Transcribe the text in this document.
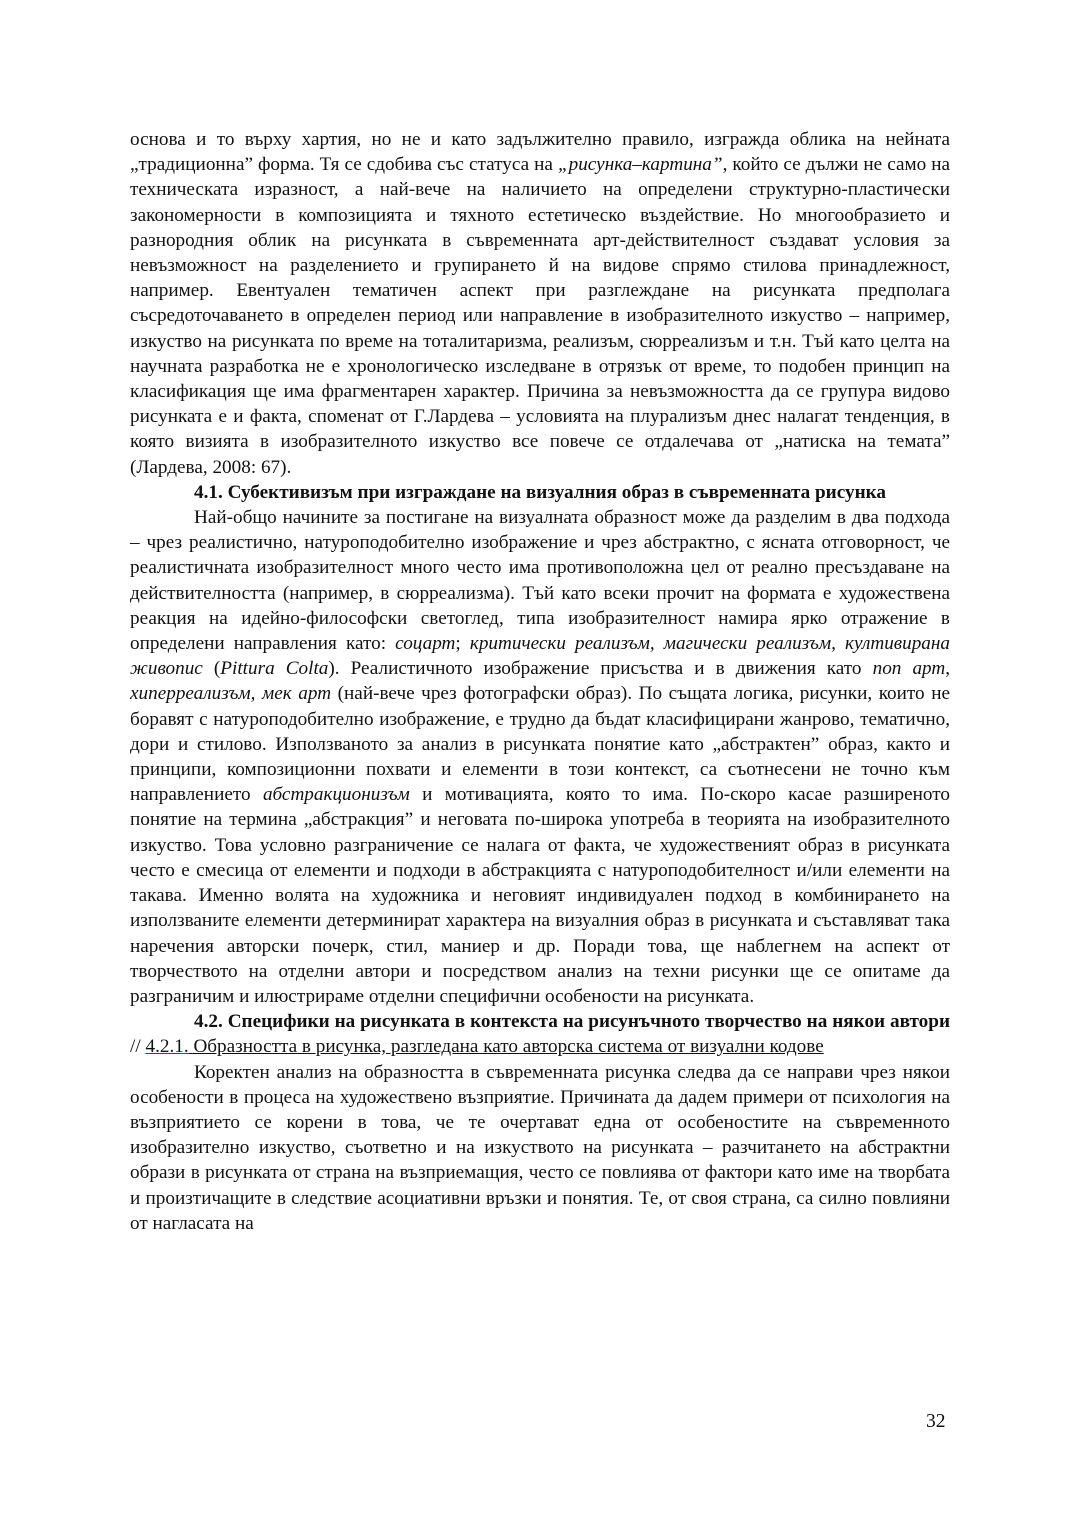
основа и то върху хартия, но не и като задължително правило, изгражда облика на нейната „традиционна” форма. Тя се сдобива със статуса на „рисунка–картина”, който се дължи не само на техническата изразност, а най-вече на наличието на определени структурно-пластически закономерности в композицията и тяхното естетическо въздействие. Но многообразието и разнородния облик на рисунката в съвременната арт-действителност създават условия за невъзможност на разделението и групирането й на видове спрямо стилова принадлежност, например. Евентуален тематичен аспект при разглеждане на рисунката предполага съсредоточаването в определен период или направление в изобразителното изкуство – например, изкуство на рисунката по време на тоталитаризма, реализъм, сюрреализъм и т.н. Тъй като целта на научната разработка не е хронологическо изследване в отрязък от време, то подобен принцип на класификация ще има фрагментарен характер. Причина за невъзможността да се групура видово рисунката е и факта, споменат от Г.Лардева – условията на плурализъм днес налагат тенденция, в която визията в изобразителното изкуство все повече се отдалечава от „натиска на темата” (Лардева, 2008: 67).

4.1. Субективизъм при изграждане на визуалния образ в съвременната рисунка

Най-общо начините за постигане на визуалната образност може да разделим в два подхода – чрез реалистично, натуроподобително изображение и чрез абстрактно, с ясната отговорност, че реалистичната изобразителност много често има противоположна цел от реално пресъздаване на действителността (например, в сюрреализма). Тъй като всеки прочит на формата е художествена реакция на идейно-философски светоглед, типа изобразителност намира ярко отражение в определени направления като: соцарт; критически реализъм, магически реализъм, култивирана живопис (Pittura Colta). Реалистичното изображение присъства и в движения като поп арт, хиперреализъм, мек арт (най-вече чрез фотографски образ). По същата логика, рисунки, които не боравят с натуроподобително изображение, е трудно да бъдат класифицирани жанрово, тематично, дори и стилово. Използваното за анализ в рисунката понятие като „абстрактен” образ, както и принципи, композиционни похвати и елементи в този контекст, са съотнесени не точно към направлението абстракционизъм и мотивацията, която то има. По-скоро касае разширеното понятие на термина „абстракция” и неговата по-широка употреба в теорията на изобразителното изкуство. Това условно разграничение се налага от факта, че художественият образ в рисунката често е смесица от елементи и подходи в абстракцията с натуроподобителност и/или елементи на такава. Именно волята на художника и неговият индивидуален подход в комбинирането на използваните елементи детерминират характера на визуалния образ в рисунката и съставляват така наречения авторски почерк, стил, маниер и др. Поради това, ще наблегнем на аспект от творчеството на отделни автори и посредством анализ на техни рисунки ще се опитаме да разграничим и илюстрираме отделни специфични особености на рисунката.

4.2. Специфики на рисунката в контекста на рисунъчното творчество на някои автори // 4.2.1. Образността в рисунка, разгледана като авторска система от визуални кодове

Коректен анализ на образността в съвременната рисунка следва да се направи чрез някои особености в процеса на художествено възприятие. Причината да дадем примери от психология на възприятието се корени в това, че те очертават една от особеностите на съвременното изобразително изкуство, съответно и на изкуството на рисунката – разчитането на абстрактни образи в рисунката от страна на възприемащия, често се повлиява от фактори като име на творбата и произтичащите в следствие асоциативни връзки и понятия. Те, от своя страна, са силно повлияни от нагласата на

32
